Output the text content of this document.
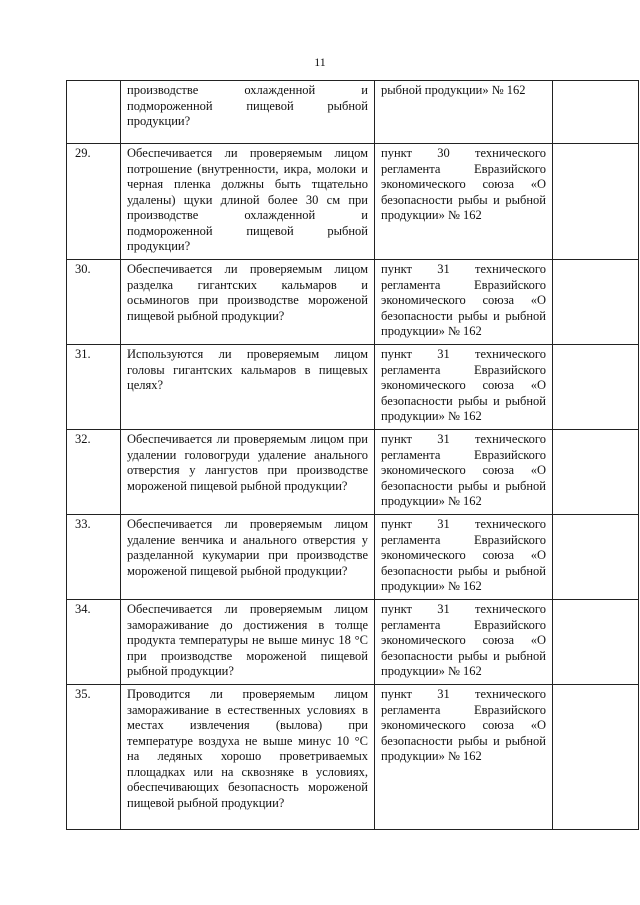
11
	производстве охлажденной и подмороженной пищевой рыбной продукции?	рыбной продукции» № 162	
29.	Обеспечивается ли проверяемым лицом потрошение (внутренности, икра, молоки и черная пленка должны быть тщательно удалены) щуки длиной более 30 см при производстве охлажденной и подмороженной пищевой рыбной продукции?	пункт 30 технического регламента Евразийского экономического союза «О безопасности рыбы и рыбной продукции» № 162	
30.	Обеспечивается ли проверяемым лицом разделка гигантских кальмаров и осьминогов при производстве мороженой пищевой рыбной продукции?	пункт 31 технического регламента Евразийского экономического союза «О безопасности рыбы и рыбной продукции» № 162	
31.	Используются ли проверяемым лицом головы гигантских кальмаров в пищевых целях?	пункт 31 технического регламента Евразийского экономического союза «О безопасности рыбы и рыбной продукции» № 162	
32.	Обеспечивается ли проверяемым лицом при удалении головогруди удаление анального отверстия у лангустов при производстве мороженой пищевой рыбной продукции?	пункт 31 технического регламента Евразийского экономического союза «О безопасности рыбы и рыбной продукции» № 162	
33.	Обеспечивается ли проверяемым лицом удаление венчика и анального отверстия у разделанной кукумарии при производстве мороженой пищевой рыбной продукции?	пункт 31 технического регламента Евразийского экономического союза «О безопасности рыбы и рыбной продукции» № 162	
34.	Обеспечивается ли проверяемым лицом замораживание до достижения в толще продукта температуры не выше минус 18 °С при производстве мороженой пищевой рыбной продукции?	пункт 31 технического регламента Евразийского экономического союза «О безопасности рыбы и рыбной продукции» № 162	
35.	Проводится ли проверяемым лицом замораживание в естественных условиях в местах извлечения (вылова) при температуре воздуха не выше минус 10 °С на ледяных хорошо проветриваемых площадках или на сквозняке в условиях, обеспечивающих безопасность мороженой пищевой рыбной продукции?	пункт 31 технического регламента Евразийского экономического союза «О безопасности рыбы и рыбной продукции» № 162	
